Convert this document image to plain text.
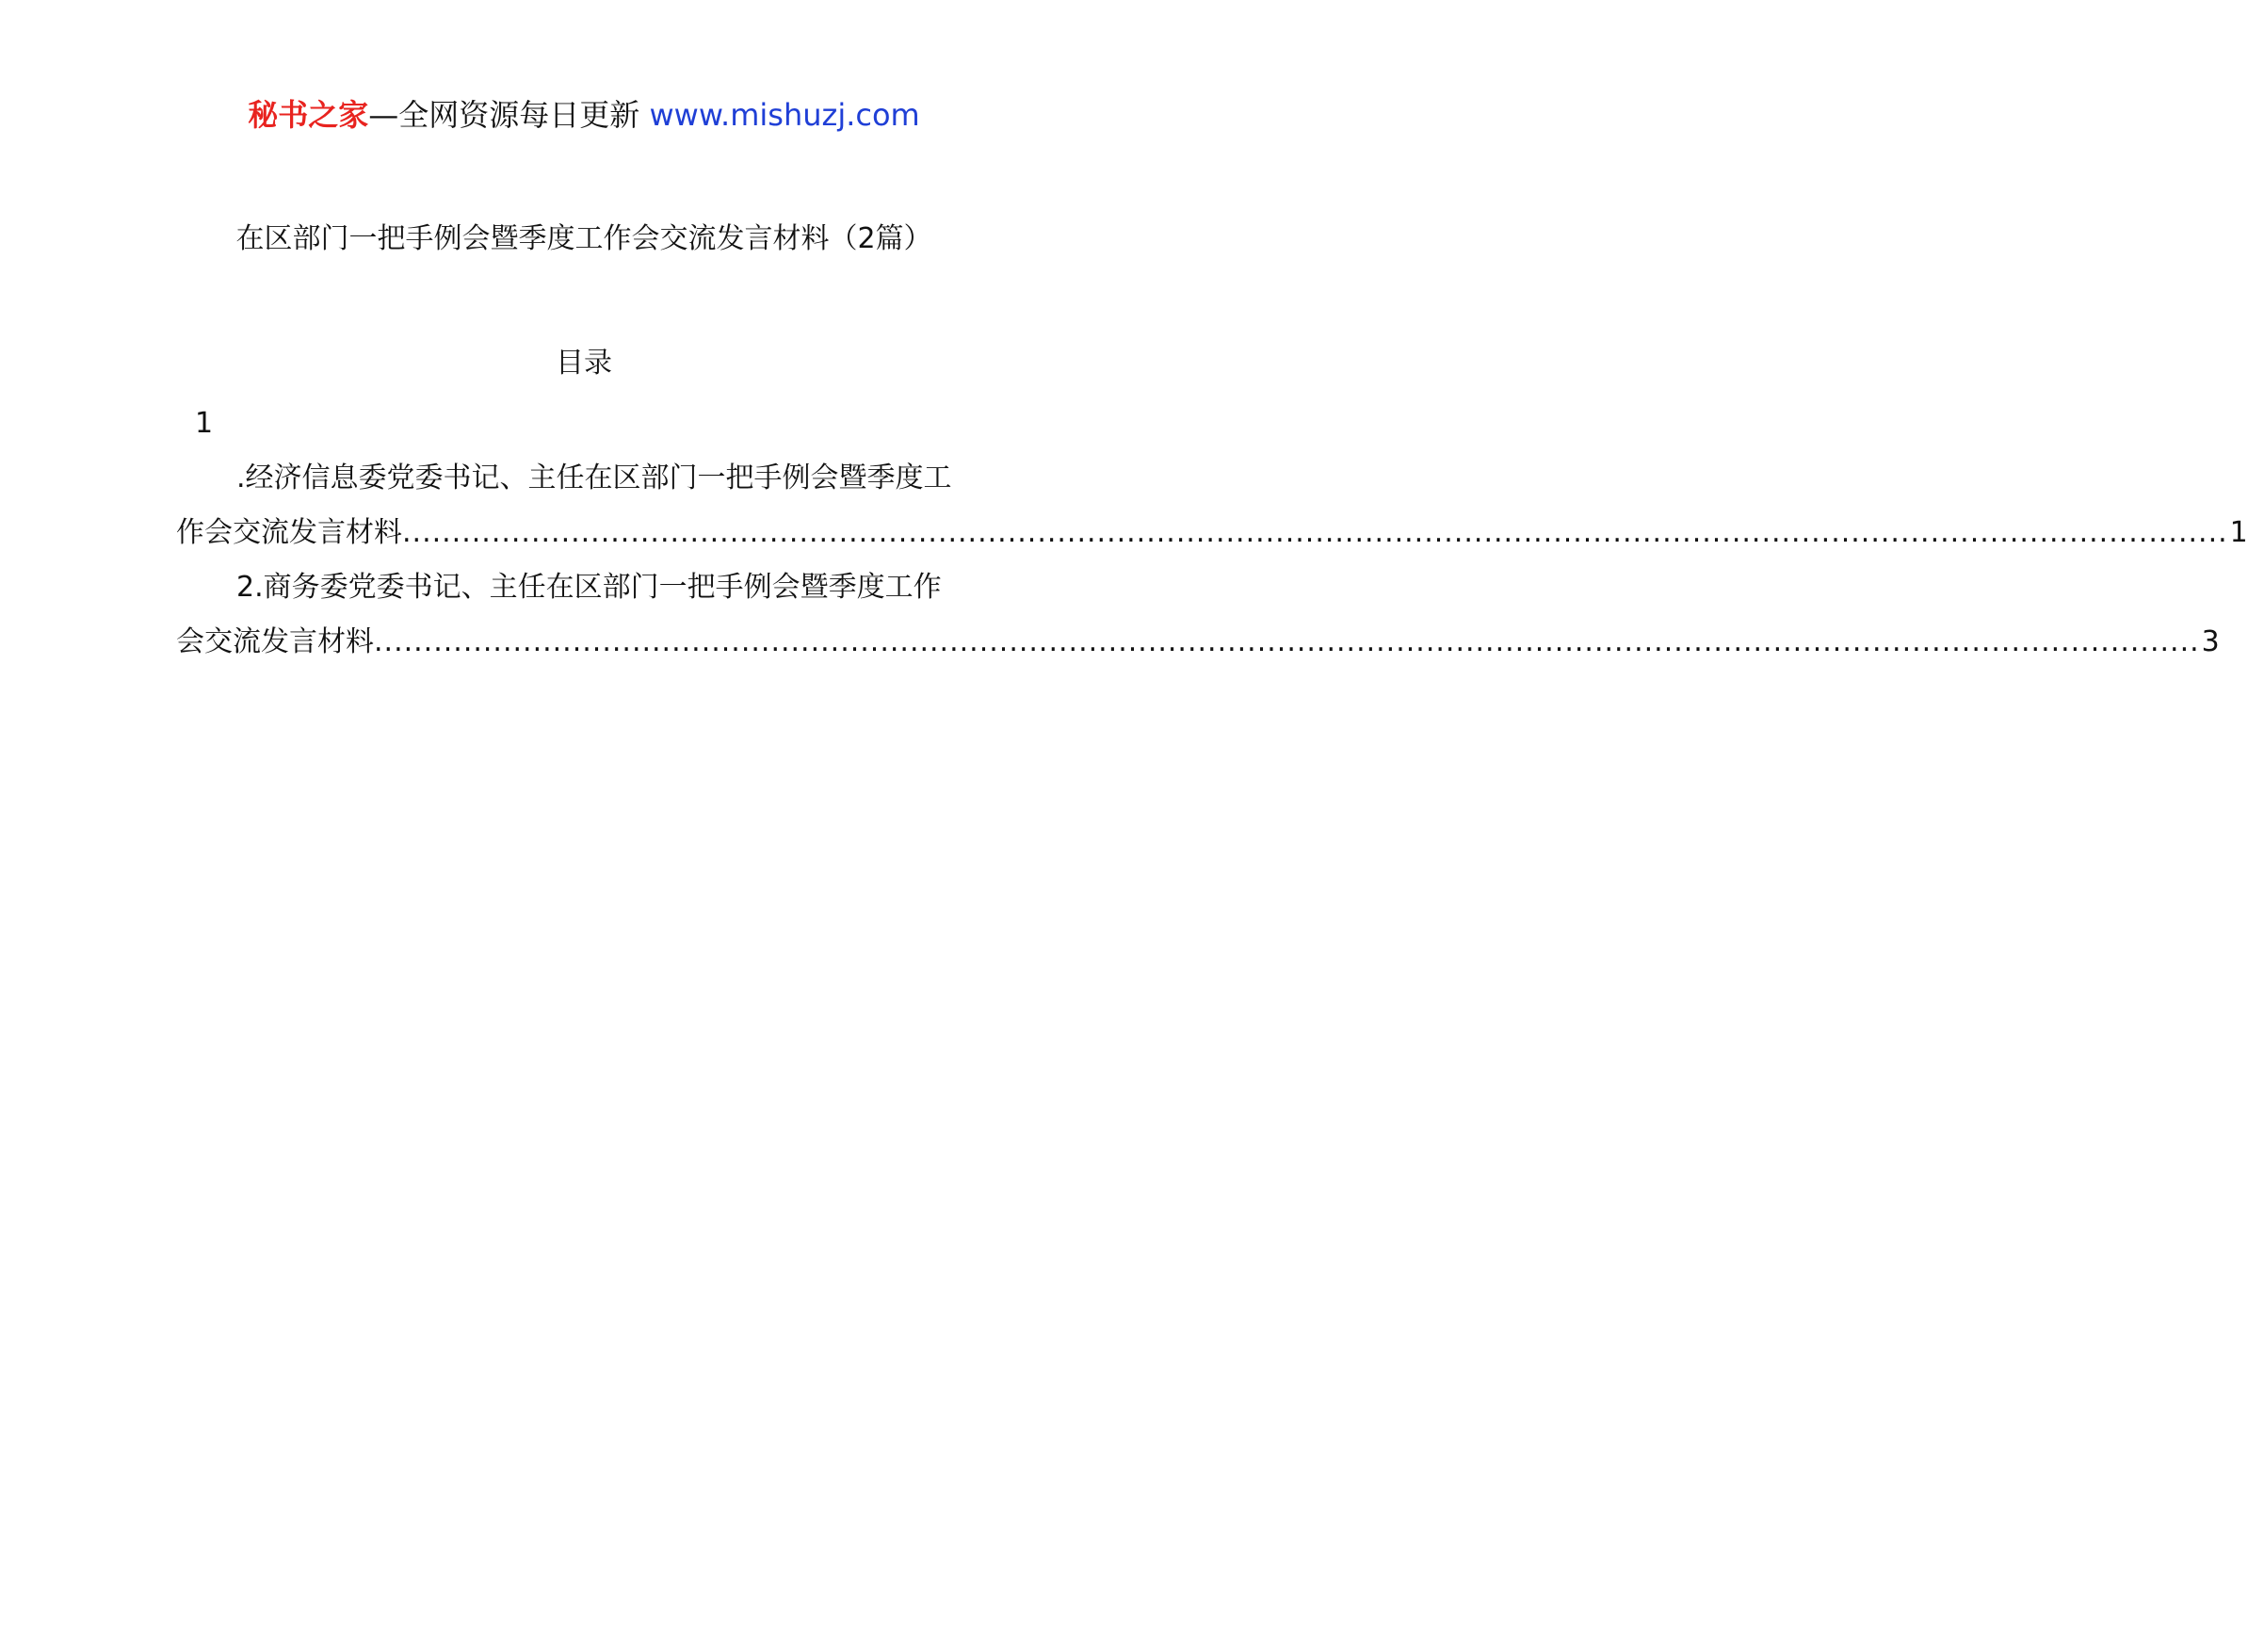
秘书之家—全网资源每日更新 www.mishuzj.com
在区部门一把手例会暨季度工作会交流发言材料（2篇）
目录
1
.经济信息委党委书记、主任在区部门一把手例会暨季度工
作会交流发言材料 ........................................................................................................................................................................................ 1
2.商务委党委书记、主任在区部门一把手例会暨季度工作
会交流发言材料 ........................................................................................................................................................................................ 3
